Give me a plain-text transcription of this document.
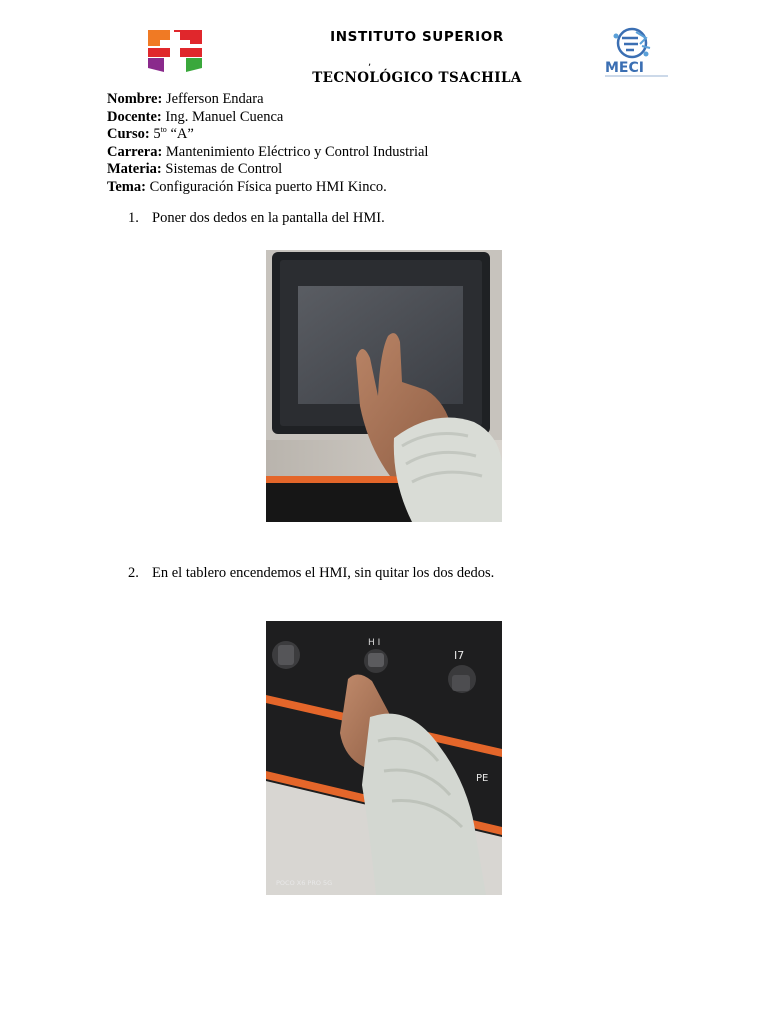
INSTITUTO SUPERIOR
,
TECNOLÓGICO TSACHILA
MECI
Nombre: Jefferson Endara
Docente: Ing. Manuel Cuenca
Curso: $5^{to}$ “A”
Carrera: Mantenimiento Eléctrico y Control Industrial
Materia: Sistemas de Control
Tema: Configuración Física puerto HMI Kinco.
1. Poner dos dedos en la pantalla del HMI.
2. En el tablero encendemos el HMI, sin quitar los dos dedos.
H I
I7
PE
POCO X6 PRO 5G
